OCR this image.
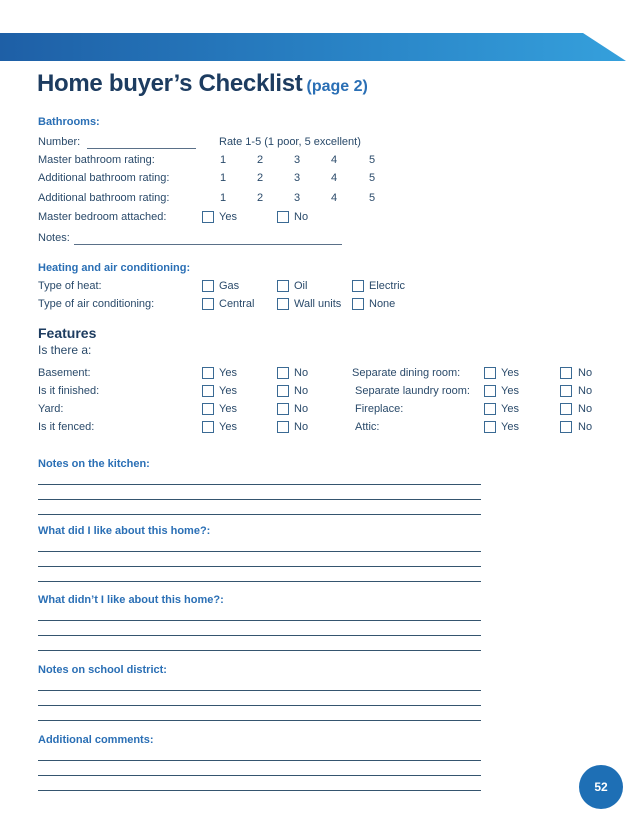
Home buyer’s Checklist
Home buyer’s Checklist (page 2)
Bathrooms:
Number:	Rate 1-5 (1 poor, 5 excellent)
Master bathroom rating:	1	2	3	4	5
Additional bathroom rating:	1	2	3	4	5
Additional bathroom rating:	1	2	3	4	5
Master bedroom attached:	Yes	No
Notes:
Heating and air conditioning:
Type of heat:	Gas	Oil	Electric
Type of air conditioning:	Central	Wall units	None
Features
Is there a:
Basement:	Yes	No	Separate dining room:	Yes	No
Is it finished:	Yes	No	Separate laundry room:	Yes	No
Yard:	Yes	No	Fireplace:	Yes	No
Is it fenced:	Yes	No	Attic:	Yes	No
Notes on the kitchen:
What did I like about this home?:
What didn’t I like about this home?:
Notes on school district:
Additional comments:
52
